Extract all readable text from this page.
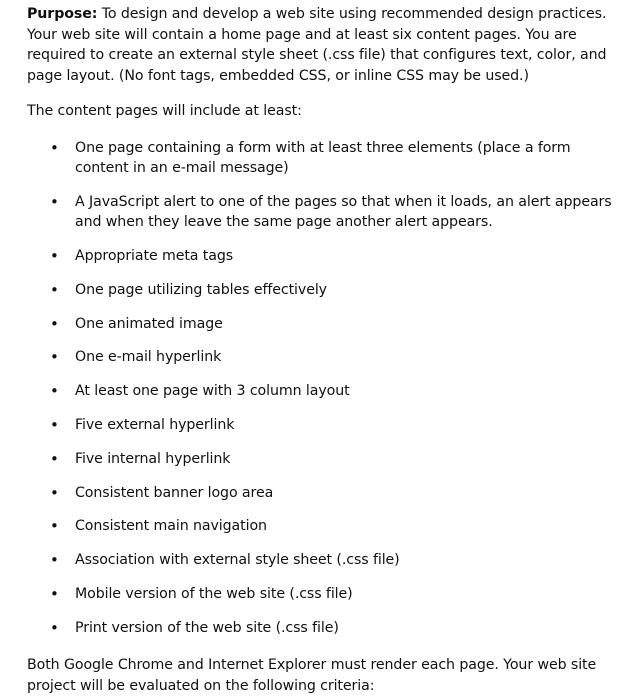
Purpose: To design and develop a web site using recommended design practices. Your web site will contain a home page and at least six content pages. You are required to create an external style sheet (.css file) that configures text, color, and page layout. (No font tags, embedded CSS, or inline CSS may be used.)

The content pages will include at least:

• One page containing a form with at least three elements (place a form content in an e-mail message)
• A JavaScript alert to one of the pages so that when it loads, an alert appears and when they leave the same page another alert appears.
• Appropriate meta tags
• One page utilizing tables effectively
• One animated image
• One e-mail hyperlink
• At least one page with 3 column layout
• Five external hyperlink
• Five internal hyperlink
• Consistent banner logo area
• Consistent main navigation
• Association with external style sheet (.css file)
• Mobile version of the web site (.css file)
• Print version of the web site (.css file)

Both Google Chrome and Internet Explorer must render each page. Your web site project will be evaluated on the following criteria:
